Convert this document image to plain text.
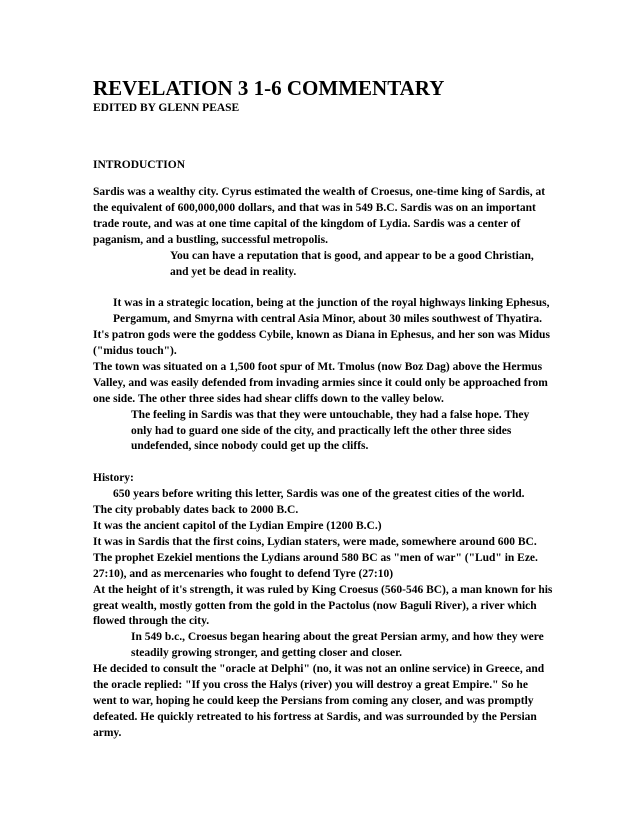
REVELATION 3 1-6 COMMENTARY
EDITED BY GLENN PEASE
INTRODUCTION

Sardis was a wealthy city. Cyrus estimated the wealth of Croesus, one-time king of Sardis, at the equivalent of 600,000,000 dollars, and that was in 549 B.C. Sardis was on an important trade route, and was at one time capital of the kingdom of Lydia. Sardis was a center of paganism, and a bustling, successful metropolis.

You can have a reputation that is good, and appear to be a good Christian, and yet be dead in reality.

It was in a strategic location, being at the junction of the royal highways linking Ephesus, Pergamum, and Smyrna with central Asia Minor, about 30 miles southwest of Thyatira.

It's patron gods were the goddess Cybile, known as Diana in Ephesus, and her son was Midus ("midus touch").

The town was situated on a 1,500 foot spur of Mt. Tmolus (now Boz Dag) above the Hermus Valley, and was easily defended from invading armies since it could only be approached from one side. The other three sides had shear cliffs down to the valley below.

The feeling in Sardis was that they were untouchable, they had a false hope. They only had to guard one side of the city, and practically left the other three sides undefended, since nobody could get up the cliffs.

History:

650 years before writing this letter, Sardis was one of the greatest cities of the world.

The city probably dates back to 2000 B.C.

It was the ancient capitol of the Lydian Empire (1200 B.C.)

It was in Sardis that the first coins, Lydian staters, were made, somewhere around 600 BC.

The prophet Ezekiel mentions the Lydians around 580 BC as "men of war" ("Lud" in Eze. 27:10), and as mercenaries who fought to defend Tyre (27:10)

At the height of it's strength, it was ruled by King Croesus (560-546 BC), a man known for his great wealth, mostly gotten from the gold in the Pactolus (now Baguli River), a river which flowed through the city.

In 549 b.c., Croesus began hearing about the great Persian army, and how they were steadily growing stronger, and getting closer and closer.

He decided to consult the "oracle at Delphi" (no, it was not an online service) in Greece, and the oracle replied: "If you cross the Halys (river) you will destroy a great Empire." So he went to war, hoping he could keep the Persians from coming any closer, and was promptly defeated. He quickly retreated to his fortress at Sardis, and was surrounded by the Persian army.
